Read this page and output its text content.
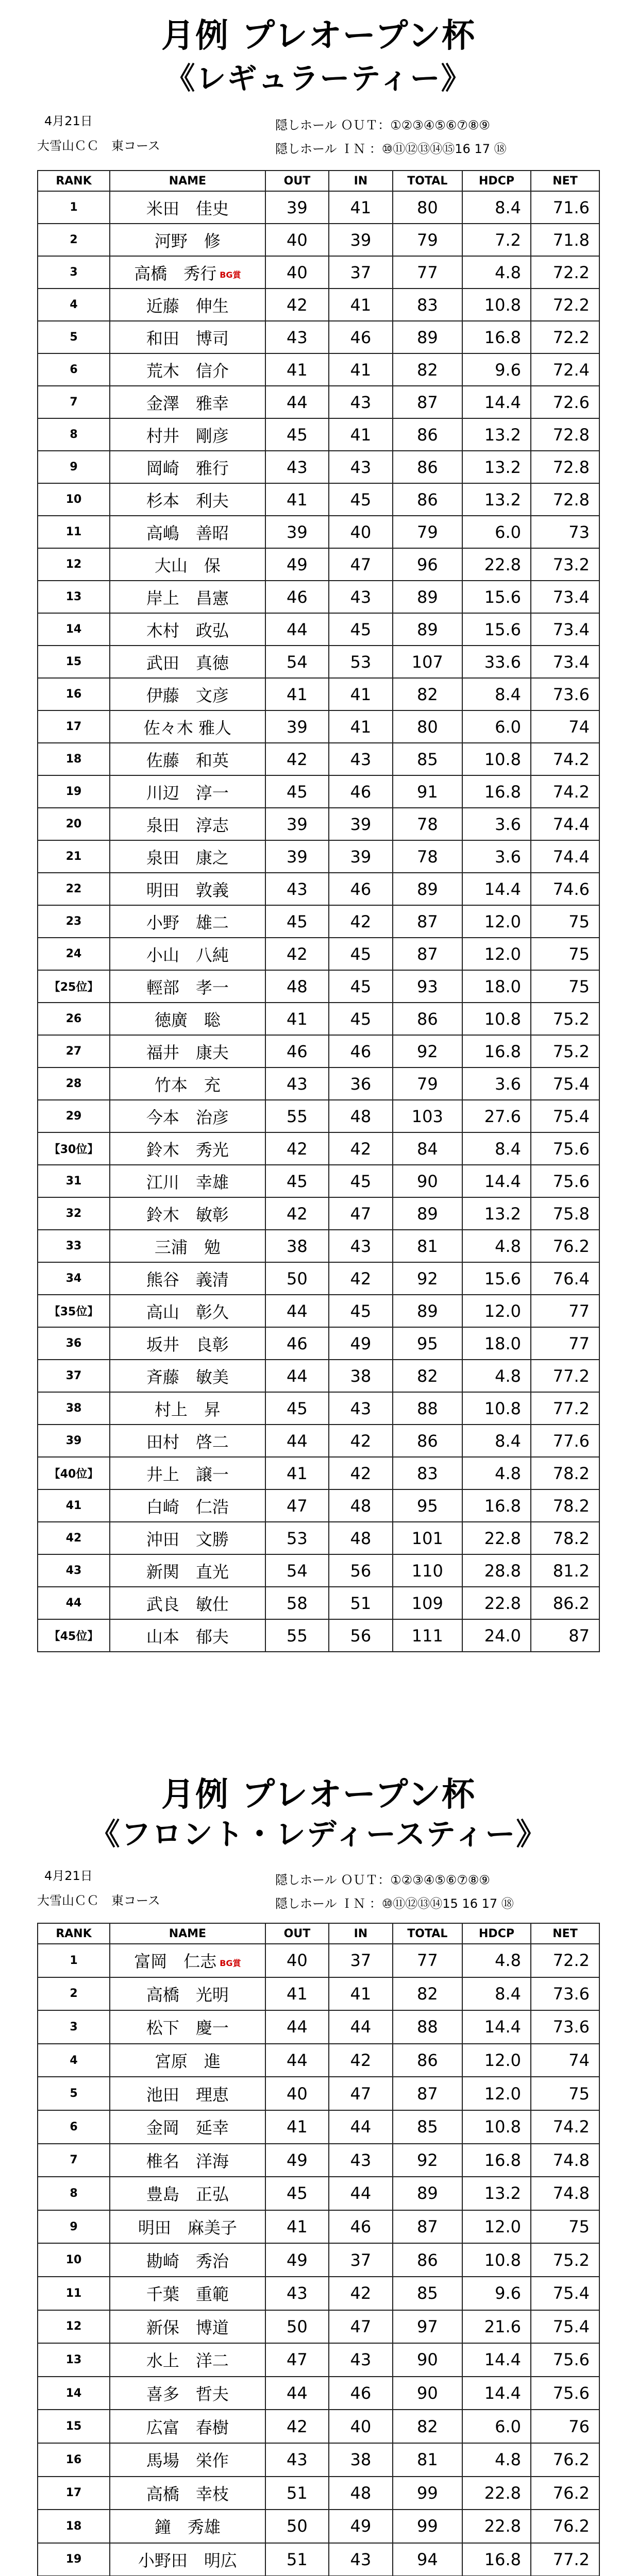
月例 プレオープン杯
《レギュラーティー》
4月21日
大雪山ＣＣ　東コース
隠しホール ＯＵＴ：①②③④⑤⑥⑦⑧⑨
隠しホール ＩＮ ：⑩⑪⑫⑬⑭⑮16 17 ⑱
RANK	NAME	OUT	IN	TOTAL	HDCP	NET
1	米田　佳史	39	41	80	8.4	71.6
2	河野　修	40	39	79	7.2	71.8
3	高橋　秀行 BG賞	40	37	77	4.8	72.2
4	近藤　伸生	42	41	83	10.8	72.2
5	和田　博司	43	46	89	16.8	72.2
6	荒木　信介	41	41	82	9.6	72.4
7	金澤　雅幸	44	43	87	14.4	72.6
8	村井　剛彦	45	41	86	13.2	72.8
9	岡崎　雅行	43	43	86	13.2	72.8
10	杉本　利夫	41	45	86	13.2	72.8
11	高嶋　善昭	39	40	79	6.0	73
12	大山　保	49	47	96	22.8	73.2
13	岸上　昌憲	46	43	89	15.6	73.4
14	木村　政弘	44	45	89	15.6	73.4
15	武田　真徳	54	53	107	33.6	73.4
16	伊藤　文彦	41	41	82	8.4	73.6
17	佐々木 雅人	39	41	80	6.0	74
18	佐藤　和英	42	43	85	10.8	74.2
19	川辺　淳一	45	46	91	16.8	74.2
20	泉田　淳志	39	39	78	3.6	74.4
21	泉田　康之	39	39	78	3.6	74.4
22	明田　敦義	43	46	89	14.4	74.6
23	小野　雄二	45	42	87	12.0	75
24	小山　八純	42	45	87	12.0	75
【25位】	輕部　孝一	48	45	93	18.0	75
26	徳廣　聡	41	45	86	10.8	75.2
27	福井　康夫	46	46	92	16.8	75.2
28	竹本　充	43	36	79	3.6	75.4
29	今本　治彦	55	48	103	27.6	75.4
【30位】	鈴木　秀光	42	42	84	8.4	75.6
31	江川　幸雄	45	45	90	14.4	75.6
32	鈴木　敏彰	42	47	89	13.2	75.8
33	三浦　勉	38	43	81	4.8	76.2
34	熊谷　義清	50	42	92	15.6	76.4
【35位】	高山　彰久	44	45	89	12.0	77
36	坂井　良彰	46	49	95	18.0	77
37	斉藤　敏美	44	38	82	4.8	77.2
38	村上　昇	45	43	88	10.8	77.2
39	田村　啓二	44	42	86	8.4	77.6
【40位】	井上　譲一	41	42	83	4.8	78.2
41	白崎　仁浩	47	48	95	16.8	78.2
42	沖田　文勝	53	48	101	22.8	78.2
43	新関　直光	54	56	110	28.8	81.2
44	武良　敏仕	58	51	109	22.8	86.2
【45位】	山本　郁夫	55	56	111	24.0	87
月例 プレオープン杯
《フロント・レディースティー》
4月21日
大雪山ＣＣ　東コース
隠しホール ＯＵＴ：①②③④⑤⑥⑦⑧⑨
隠しホール ＩＮ ：⑩⑪⑫⑬⑭15 16 17 ⑱
RANK	NAME	OUT	IN	TOTAL	HDCP	NET
1	富岡　仁志 BG賞	40	37	77	4.8	72.2
2	高橋　光明	41	41	82	8.4	73.6
3	松下　慶一	44	44	88	14.4	73.6
4	宮原　進	44	42	86	12.0	74
5	池田　理恵	40	47	87	12.0	75
6	金岡　延幸	41	44	85	10.8	74.2
7	椎名　洋海	49	43	92	16.8	74.8
8	豊島　正弘	45	44	89	13.2	74.8
9	明田　麻美子	41	46	87	12.0	75
10	勘崎　秀治	49	37	86	10.8	75.2
11	千葉　重範	43	42	85	9.6	75.4
12	新保　博道	50	47	97	21.6	75.4
13	水上　洋二	47	43	90	14.4	75.6
14	喜多　哲夫	44	46	90	14.4	75.6
15	広富　春樹	42	40	82	6.0	76
16	馬場　栄作	43	38	81	4.8	76.2
17	高橋　幸枝	51	48	99	22.8	76.2
18	鐘　秀雄	50	49	99	22.8	76.2
19	小野田　明広	51	43	94	16.8	77.2
